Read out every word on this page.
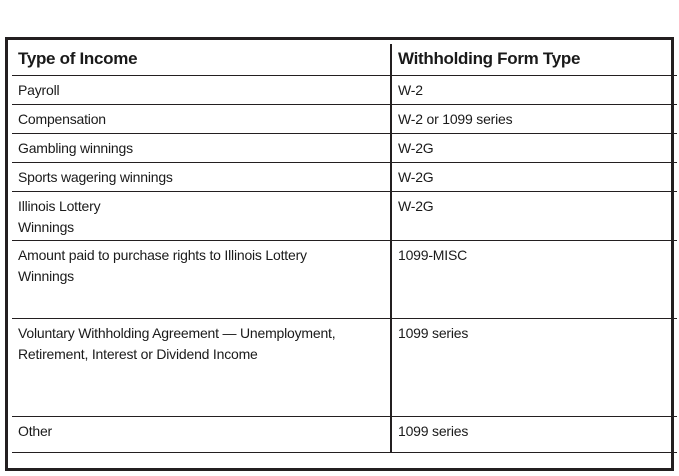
Type of Income	Withholding Form Type
Payroll	W-2
Compensation	W-2 or 1099 series
Gambling winnings	W-2G
Sports wagering winnings	W-2G
Illinois Lottery
Winnings	W-2G
Amount paid to purchase rights to Illinois Lottery
Winnings	1099-MISC
Voluntary Withholding Agreement — Unemployment,
Retirement, Interest or Dividend Income	1099 series
Other	1099 series
